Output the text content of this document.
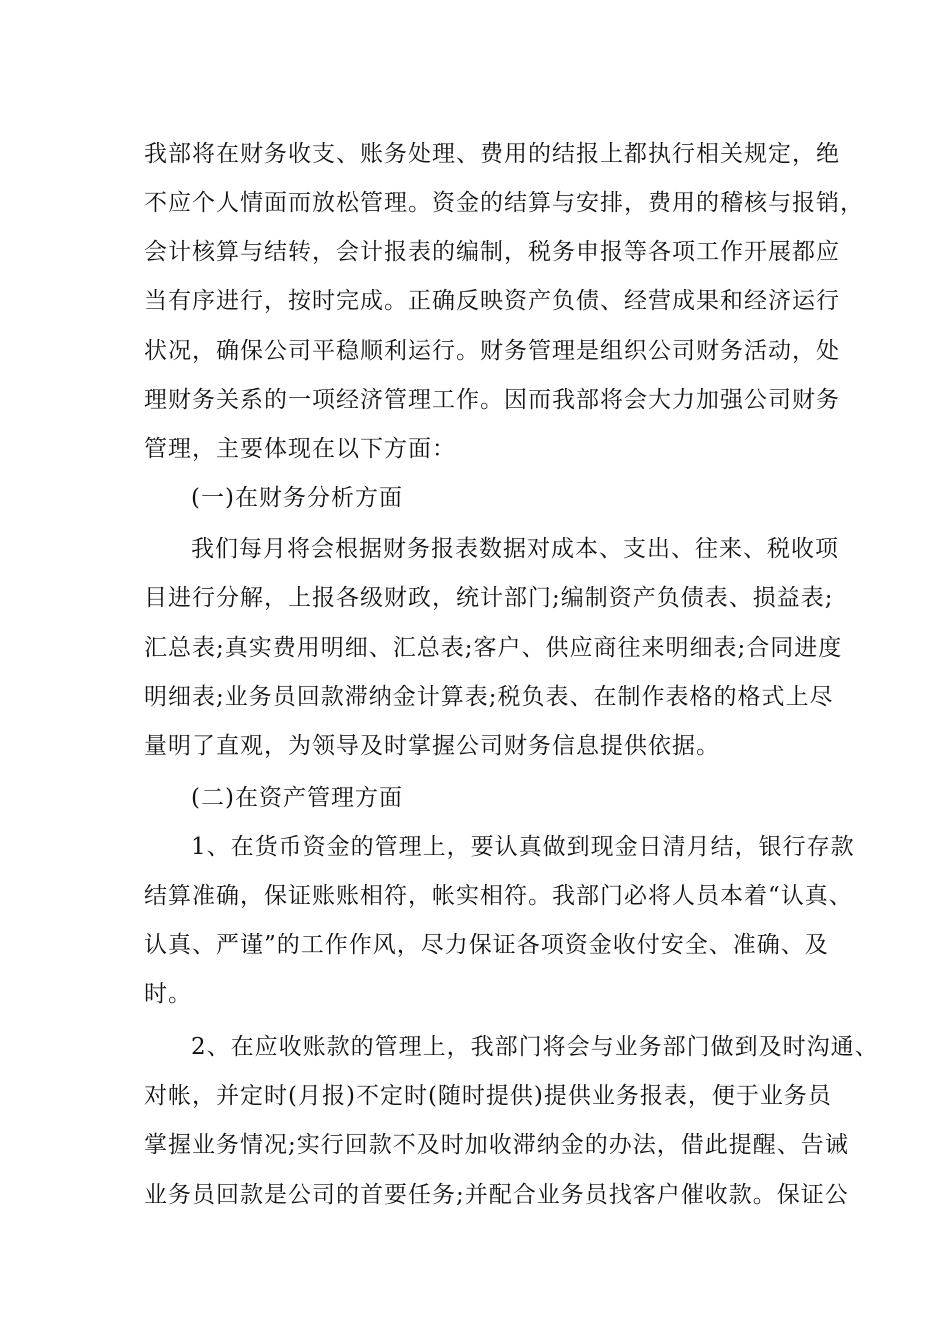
我部将在财务收支、账务处理、费用的结报上都执行相关规定，绝
不应个人情面而放松管理。资金的结算与安排，费用的稽核与报销，
会计核算与结转，会计报表的编制，税务申报等各项工作开展都应
当有序进行，按时完成。正确反映资产负债、经营成果和经济运行
状况，确保公司平稳顺利运行。财务管理是组织公司财务活动，处
理财务关系的一项经济管理工作。因而我部将会大力加强公司财务
管理，主要体现在以下方面：
(一)在财务分析方面
我们每月将会根据财务报表数据对成本、支出、往来、税收项
目进行分解，上报各级财政，统计部门;编制资产负债表、损益表;
汇总表;真实费用明细、汇总表;客户、供应商往来明细表;合同进度
明细表;业务员回款滞纳金计算表;税负表、在制作表格的格式上尽
量明了直观，为领导及时掌握公司财务信息提供依据。
(二)在资产管理方面
1、在货币资金的管理上，要认真做到现金日清月结，银行存款
结算准确，保证账账相符，帐实相符。我部门必将人员本着“认真、
认真、严谨”的工作作风，尽力保证各项资金收付安全、准确、及
时。
2、在应收账款的管理上，我部门将会与业务部门做到及时沟通、
对帐，并定时(月报)不定时(随时提供)提供业务报表，便于业务员
掌握业务情况;实行回款不及时加收滞纳金的办法，借此提醒、告诫
业务员回款是公司的首要任务;并配合业务员找客户催收款。保证公
